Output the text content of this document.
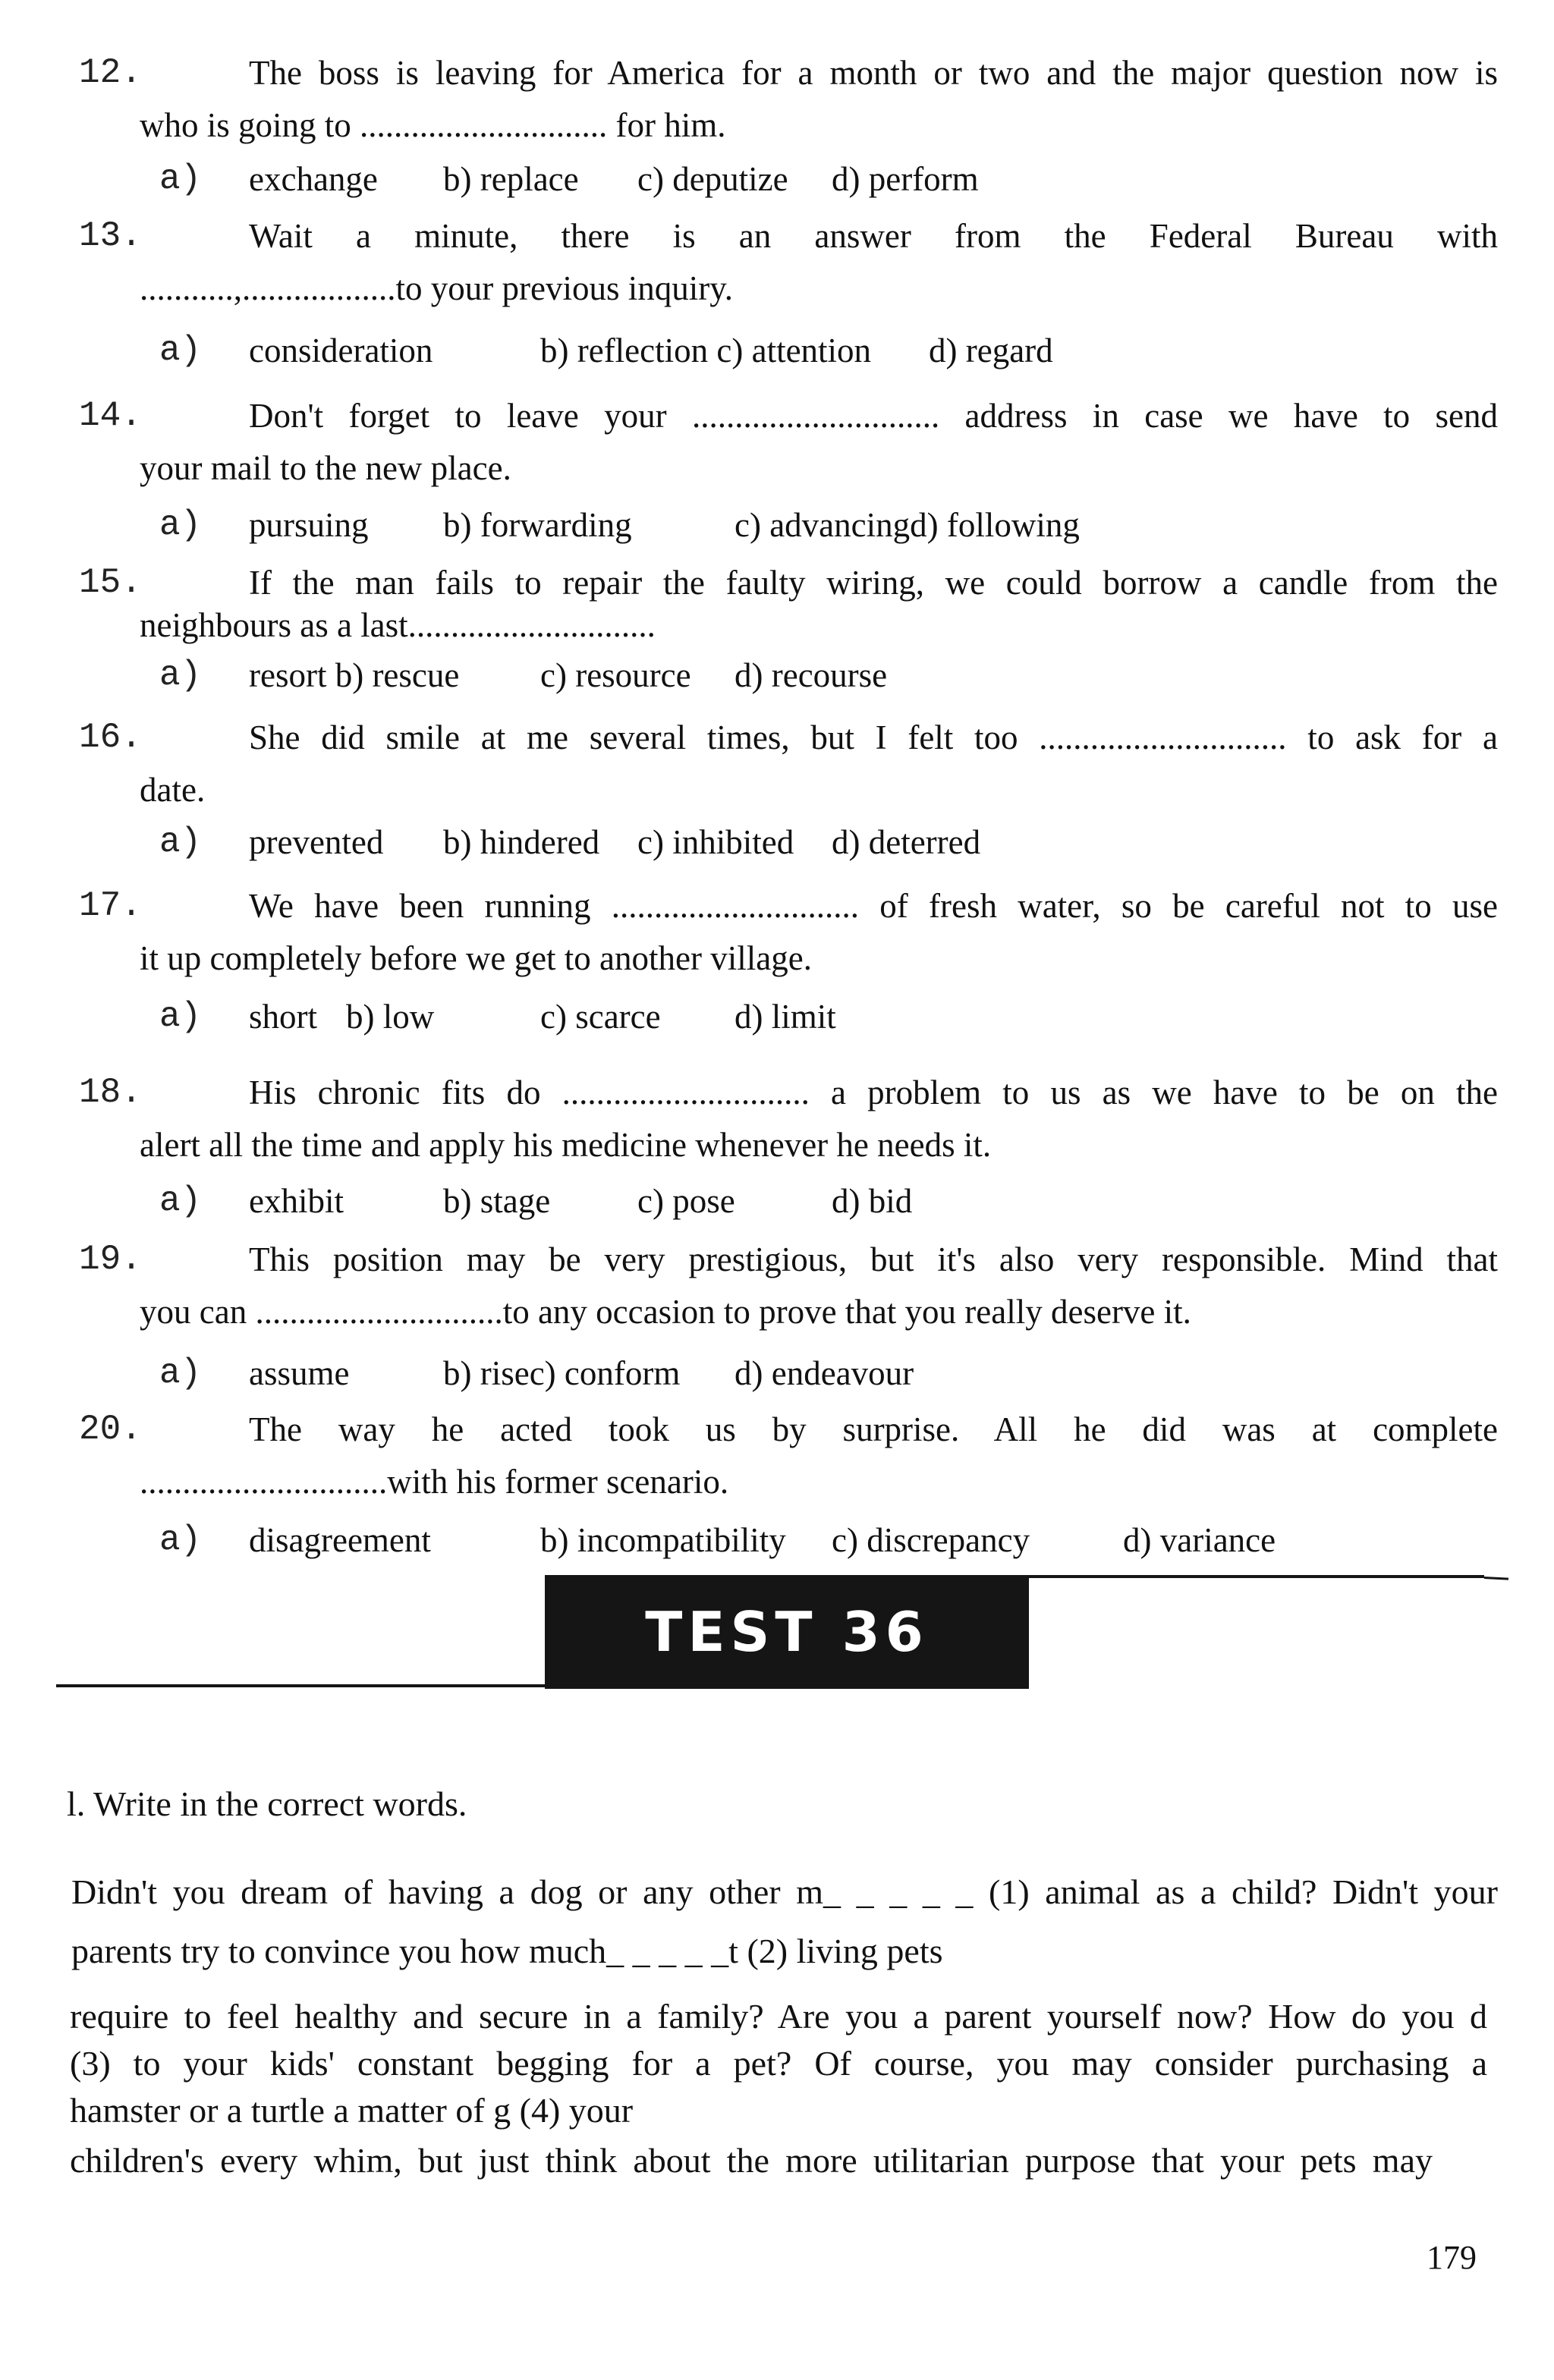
12.	The boss is leaving for America for a month or two and the major question now is
who is going to ............................. for him.
a) exchange b) replace c) deputize d) perform
13.	Wait a minute, there is an answer from the Federal Bureau with
...........,..................to your previous inquiry.
a) consideration	b) reflection c) attention d) regard
14.	Don't forget to leave your ............................. address in case we have to send
your mail to the new place.
a) pursuing b) forwarding	c) advancingd) following
15.	If the man fails to repair the faulty wiring, we could borrow a candle from the
neighbours as a last.............................
a) resort b) rescue c) resource d) recourse
16.	She did smile at me several times, but I felt too ............................. to ask for a
date.
a) prevented b) hindered c) inhibited d) deterred
17.	We have been running ............................. of fresh water, so be careful not to use
it up completely before we get to another village.
a) short b) low	c) scarce d) limit
18.	His chronic fits do ............................. a problem to us as we have to be on the
alert all the time and apply his medicine whenever he needs it.
a) exhibit	b) stage	c) pose	d) bid
19.	This position may be very prestigious, but it's also very responsible. Mind that
you can .............................to any occasion to prove that you really deserve it.
a) assume	b) risec) conform d) endeavour
20.	The way he acted took us by surprise. All he did was at complete
.............................with his former scenario.
a) disagreement	b) incompatibility c) discrepancy	d) variance
TEST 36
l. Write in the correct words.
Didn't you dream of having a dog or any other m_ _ _ _ _ (1) animal as a child? Didn't your
parents try to convince you how much_ _ _ _ _t (2) living pets
require to feel healthy and secure in a family? Are you a parent yourself now? How do you d
(3) to your kids' constant begging for a pet? Of course, you may consider purchasing a
hamster or a turtle a matter of g (4) your
children's every whim, but just think about the more utilitarian purpose that your pets may
179
